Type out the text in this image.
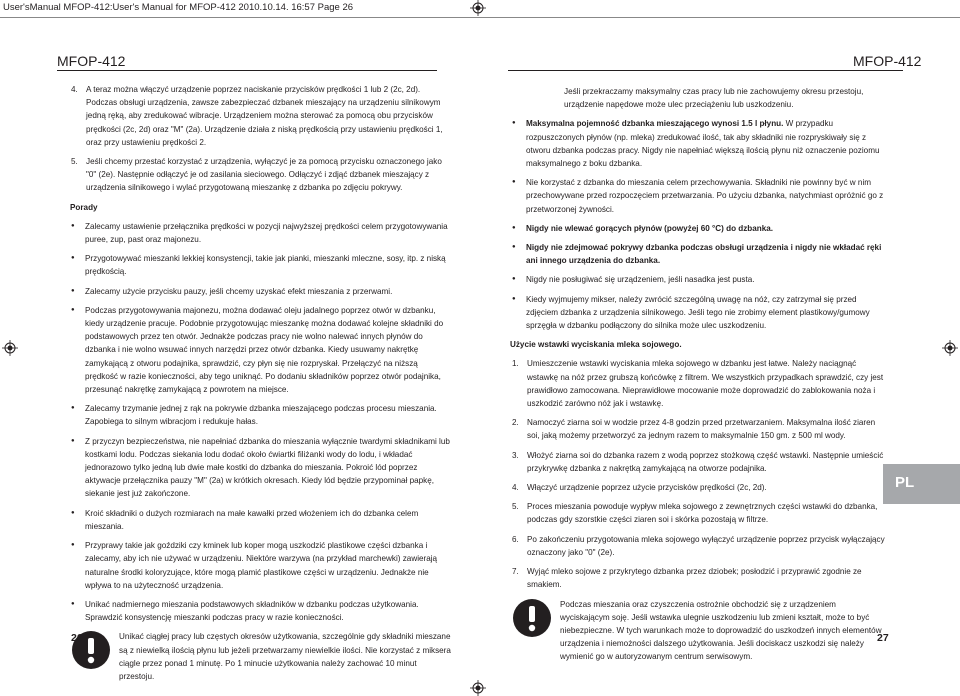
User'sManual MFOP-412:User's Manual for MFOP-412 2010.10.14. 16:57 Page 26
MFOP-412	MFOP-412
4.	A teraz można włączyć urządzenie poprzez naciskanie przycisków prędkości 1 lub 2 (2c, 2d). Podczas obsługi urządzenia, zawsze zabezpieczać dzbanek mieszający na urządzeniu silnikowym jedną ręką, aby zredukować wibracje. Urządzeniem można sterować za pomocą obu przycisków prędkości (2c, 2d) oraz "M" (2a). Urządzenie działa z niską prędkością przy ustawieniu prędkości 1, oraz przy ustawieniu prędkości 2.
5.	Jeśli chcemy przestać korzystać z urządzenia, wyłączyć je za pomocą przycisku oznaczonego jako "0" (2e). Następnie odłączyć je od zasilania sieciowego. Odłączyć i zdjąć dzbanek mieszający z urządzenia silnikowego i wylać przygotowaną mieszankę z dzbanka po zdjęciu pokrywy.
Porady
●	Zalecamy ustawienie przełącznika prędkości w pozycji najwyższej prędkości celem przygotowywania puree, zup, past oraz majonezu.
●	Przygotowywać mieszanki lekkiej konsystencji, takie jak pianki, mieszanki mleczne, sosy, itp. z niską prędkością.
●	Zalecamy użycie przycisku pauzy, jeśli chcemy uzyskać efekt mieszania z przerwami.
●	Podczas przygotowywania majonezu, można dodawać oleju jadalnego poprzez otwór w dzbanku, kiedy urządzenie pracuje. Podobnie przygotowując mieszankę można dodawać kolejne składniki do podstawowych przez ten otwór. Jednakże podczas pracy nie wolno nalewać innych płynów do dzbanka i nie wolno wsuwać innych narzędzi przez otwór dzbanka. Kiedy usuwamy nakrętkę zamykającą z otworu podajnika, sprawdzić, czy płyn się nie rozpryskał. Przełączyć na niższą prędkość w razie konieczności, aby tego uniknąć. Po dodaniu składników poprzez otwór podajnika, przesunąć nakrętkę zamykającą z powrotem na miejsce.
●	Zalecamy trzymanie jednej z rąk na pokrywie dzbanka mieszającego podczas procesu mieszania. Zapobiega to silnym wibracjom i redukuje hałas.
●	Z przyczyn bezpieczeństwa, nie napełniać dzbanka do mieszania wyłącznie twardymi składnikami lub kostkami lodu. Podczas siekania lodu dodać około ćwiartki filiżanki wody do lodu, i wkładać jednorazowo tylko jedną lub dwie małe kostki do dzbanka do mieszania. Pokroić lód poprzez aktywacje przełącznika pauzy "M" (2a) w krótkich okresach. Kiedy lód będzie przypominał papkę, siekanie jest już zakończone.
●	Kroić składniki o dużych rozmiarach na małe kawałki przed włożeniem ich do dzbanka celem mieszania.
●	Przyprawy takie jak goździki czy kminek lub koper mogą uszkodzić plastikowe części dzbanka i zalecamy, aby ich nie używać w urządzeniu. Niektóre warzywa (na przykład marchewki) zawierają naturalne środki koloryzujące, które mogą plamić plastikowe części w urządzeniu. Jednakże nie wpływa to na użyteczność urządzenia.
●	Unikać nadmiernego mieszania podstawowych składników w dzbanku podczas użytkowania. Sprawdzić konsystencję mieszanki podczas pracy w razie konieczności.
Unikać ciągłej pracy lub częstych okresów użytkowania, szczególnie gdy składniki mieszane są z niewielką ilością płynu lub jeżeli przetwarzamy niewielkie ilości. Nie korzystać z miksera ciągle przez ponad 1 minutę. Po 1 minucie użytkowania należy zachować 10 minut przestoju.

Jeśli przekraczamy maksymalny czas pracy lub nie zachowujemy okresu przestoju, urządzenie napędowe może ulec przeciążeniu lub uszkodzeniu.

●	Maksymalna pojemność dzbanka mieszającego wynosi 1.5 l płynu. W przypadku rozpuszczonych płynów (np. mleka) zredukować ilość, tak aby składniki nie rozpryskiwały się z otworu dzbanka podczas pracy. Nigdy nie napełniać większą ilością płynu niż oznaczenie poziomu maksymalnego z boku dzbanka.
●	Nie korzystać z dzbanka do mieszania celem przechowywania. Składniki nie powinny być w nim przechowywane przed rozpoczęciem przetwarzania. Po użyciu dzbanka, natychmiast opróżnić go z przetworzonej żywności.
●	Nigdy nie wlewać gorących płynów (powyżej 60 °C) do dzbanka.
●	Nigdy nie zdejmować pokrywy dzbanka podczas obsługi urządzenia i nigdy nie wkładać ręki ani innego urządzenia do dzbanka.
●	Nigdy nie posługiwać się urządzeniem, jeśli nasadka jest pusta.
●	Kiedy wyjmujemy mikser, należy zwrócić szczególną uwagę na nóż, czy zatrzymał się przed zdjęciem dzbanka z urządzenia silnikowego. Jeśli tego nie zrobimy element plastikowy/gumowy sprzęgła w dzbanku podłączony do silnika może ulec uszkodzeniu.
Użycie wstawki wyciskania mleka sojowego.
1.	Umieszczenie wstawki wyciskania mleka sojowego w dzbanku jest łatwe. Należy naciągnąć wstawkę na nóż przez grubszą końcówkę z filtrem. We wszystkich przypadkach sprawdzić, czy jest prawidłowo zamocowana. Nieprawidłowe mocowanie może doprowadzić do zablokowania noża i uszkodzić zarówno nóż jak i wstawkę.
2.	Namoczyć ziarna soi w wodzie przez 4-8 godzin przed przetwarzaniem. Maksymalna ilość ziaren soi, jaką możemy przetworzyć za jednym razem to maksymalnie 150 gm. z 500 ml wody.
3.	Włożyć ziarna soi do dzbanka razem z wodą poprzez stożkową część wstawki. Następnie umieścić przykrywkę dzbanka z nakrętką zamykającą na otworze podajnika.
4.	Włączyć urządzenie poprzez użycie przycisków prędkości (2c, 2d).
5.	Proces mieszania powoduje wypływ mleka sojowego z zewnętrznych części wstawki do dzbanka, podczas gdy szorstkie części ziaren soi i skórka pozostają w filtrze.
6.	Po zakończeniu przygotowania mleka sojowego wyłączyć urządzenie poprzez przycisk wyłączający oznaczony jako "0" (2e).
7.	Wyjąć mleko sojowe z przykrytego dzbanka przez dziobek; posłodzić i przyprawić zgodnie ze smakiem.
Podczas mieszania oraz czyszczenia ostrożnie obchodzić się z urządzeniem wyciskającym soję. Jeśli wstawka ulegnie uszkodzeniu lub zmieni kształt, może to być niebezpieczne. W tych warunkach może to doprowadzić do uszkodzeń innych elementów urządzenia i niemożności dalszego użytkowania. Jeśli dociskacz uszkodzi się należy wymienić go w autoryzowanym centrum serwisowym.
PL
26	27
